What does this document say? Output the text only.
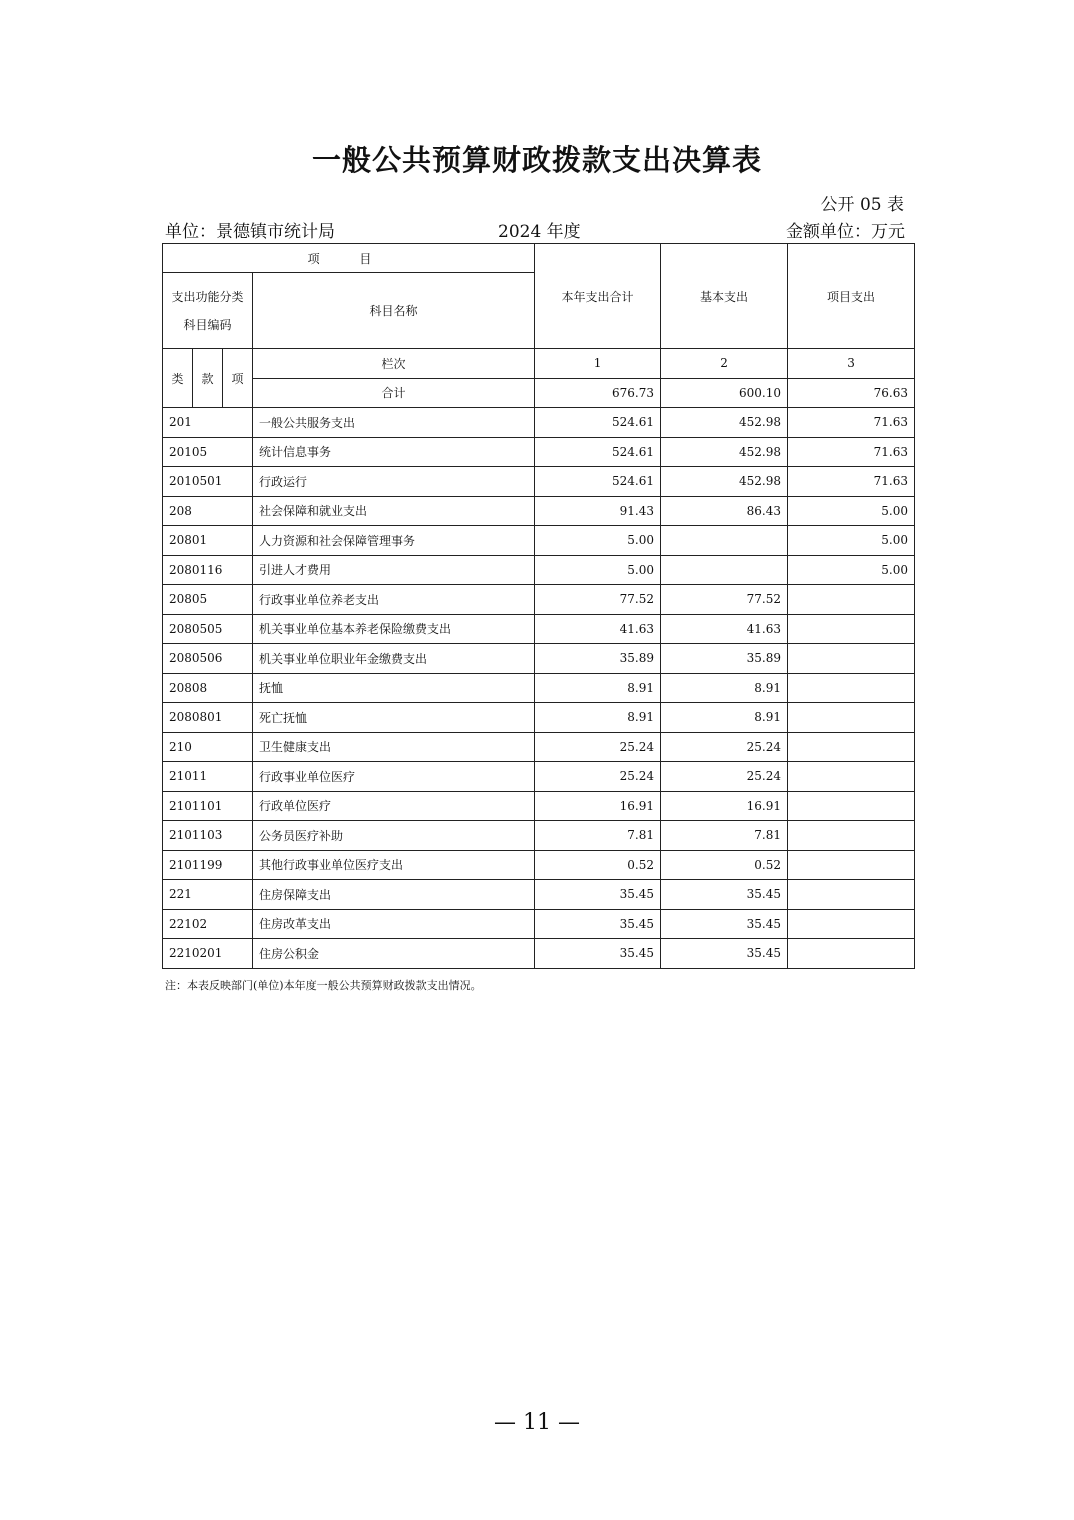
一般公共预算财政拨款支出决算表
公开 05 表
单位：景德镇市统计局	2024 年度	金额单位：万元
项 目				本年支出合计	基本支出	项目支出
支出功能分类
科目编码			科目名称			
类	款	项	栏次	1	2	3
			合计	676.73	600.10	76.63
201			一般公共服务支出	524.61	452.98	71.63
20105			统计信息事务	524.61	452.98	71.63
2010501			行政运行	524.61	452.98	71.63
208			社会保障和就业支出	91.43	86.43	5.00
20801			人力资源和社会保障管理事务	5.00		5.00
2080116			引进人才费用	5.00		5.00
20805			行政事业单位养老支出	77.52	77.52	
2080505			机关事业单位基本养老保险缴费支出	41.63	41.63	
2080506			机关事业单位职业年金缴费支出	35.89	35.89	
20808			抚恤	8.91	8.91	
2080801			死亡抚恤	8.91	8.91	
210			卫生健康支出	25.24	25.24	
21011			行政事业单位医疗	25.24	25.24	
2101101			行政单位医疗	16.91	16.91	
2101103			公务员医疗补助	7.81	7.81	
2101199			其他行政事业单位医疗支出	0.52	0.52	
221			住房保障支出	35.45	35.45	
22102			住房改革支出	35.45	35.45	
2210201			住房公积金	35.45	35.45	
注：本表反映部门(单位)本年度一般公共预算财政拨款支出情况。
— 11 —
